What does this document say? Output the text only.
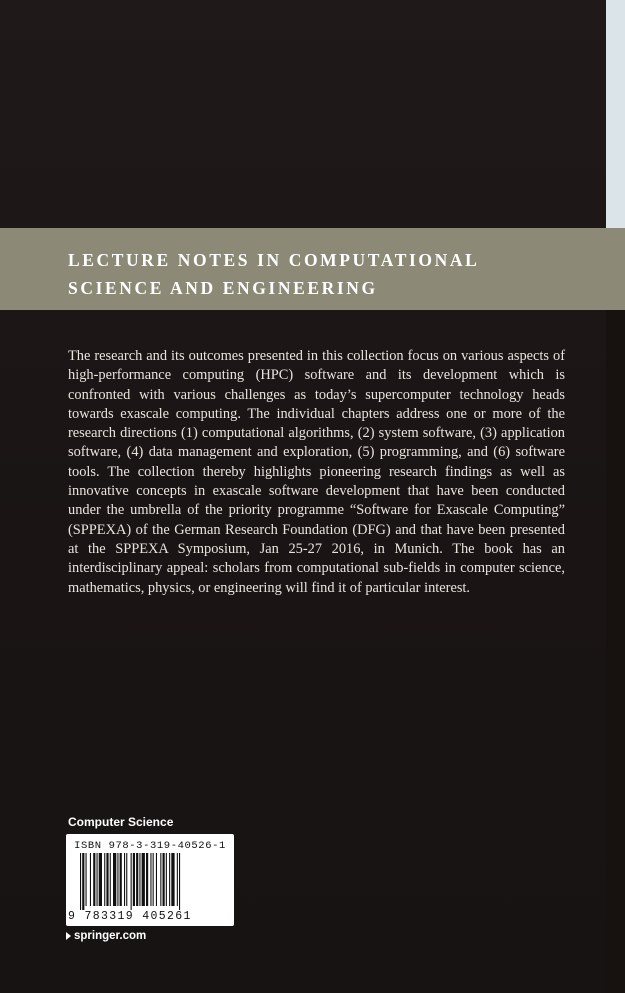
LECTURE NOTES IN COMPUTATIONAL
SCIENCE AND ENGINEERING
The research and its outcomes presented in this collection focus on various aspects of high-performance computing (HPC) software and its development which is confronted with various challenges as today’s supercomputer technology heads towards exascale computing. The individual chapters address one or more of the research directions (1) computational algorithms, (2) system software, (3) application software, (4) data management and exploration, (5) programming, and (6) software tools. The collection thereby highlights pioneering research findings as well as innovative concepts in exascale software development that have been conducted under the umbrella of the priority programme “Software for Exascale Computing” (SPPEXA) of the German Research Foundation (DFG) and that have been presented at the SPPEXA Symposium, Jan 25-27 2016, in Munich. The book has an interdisciplinary appeal: scholars from computational sub-fields in computer science, mathematics, physics, or engineering will find it of particular interest.
Computer Science
ISBN 978-3-319-40526-1
9 783319 405261
springer.com
